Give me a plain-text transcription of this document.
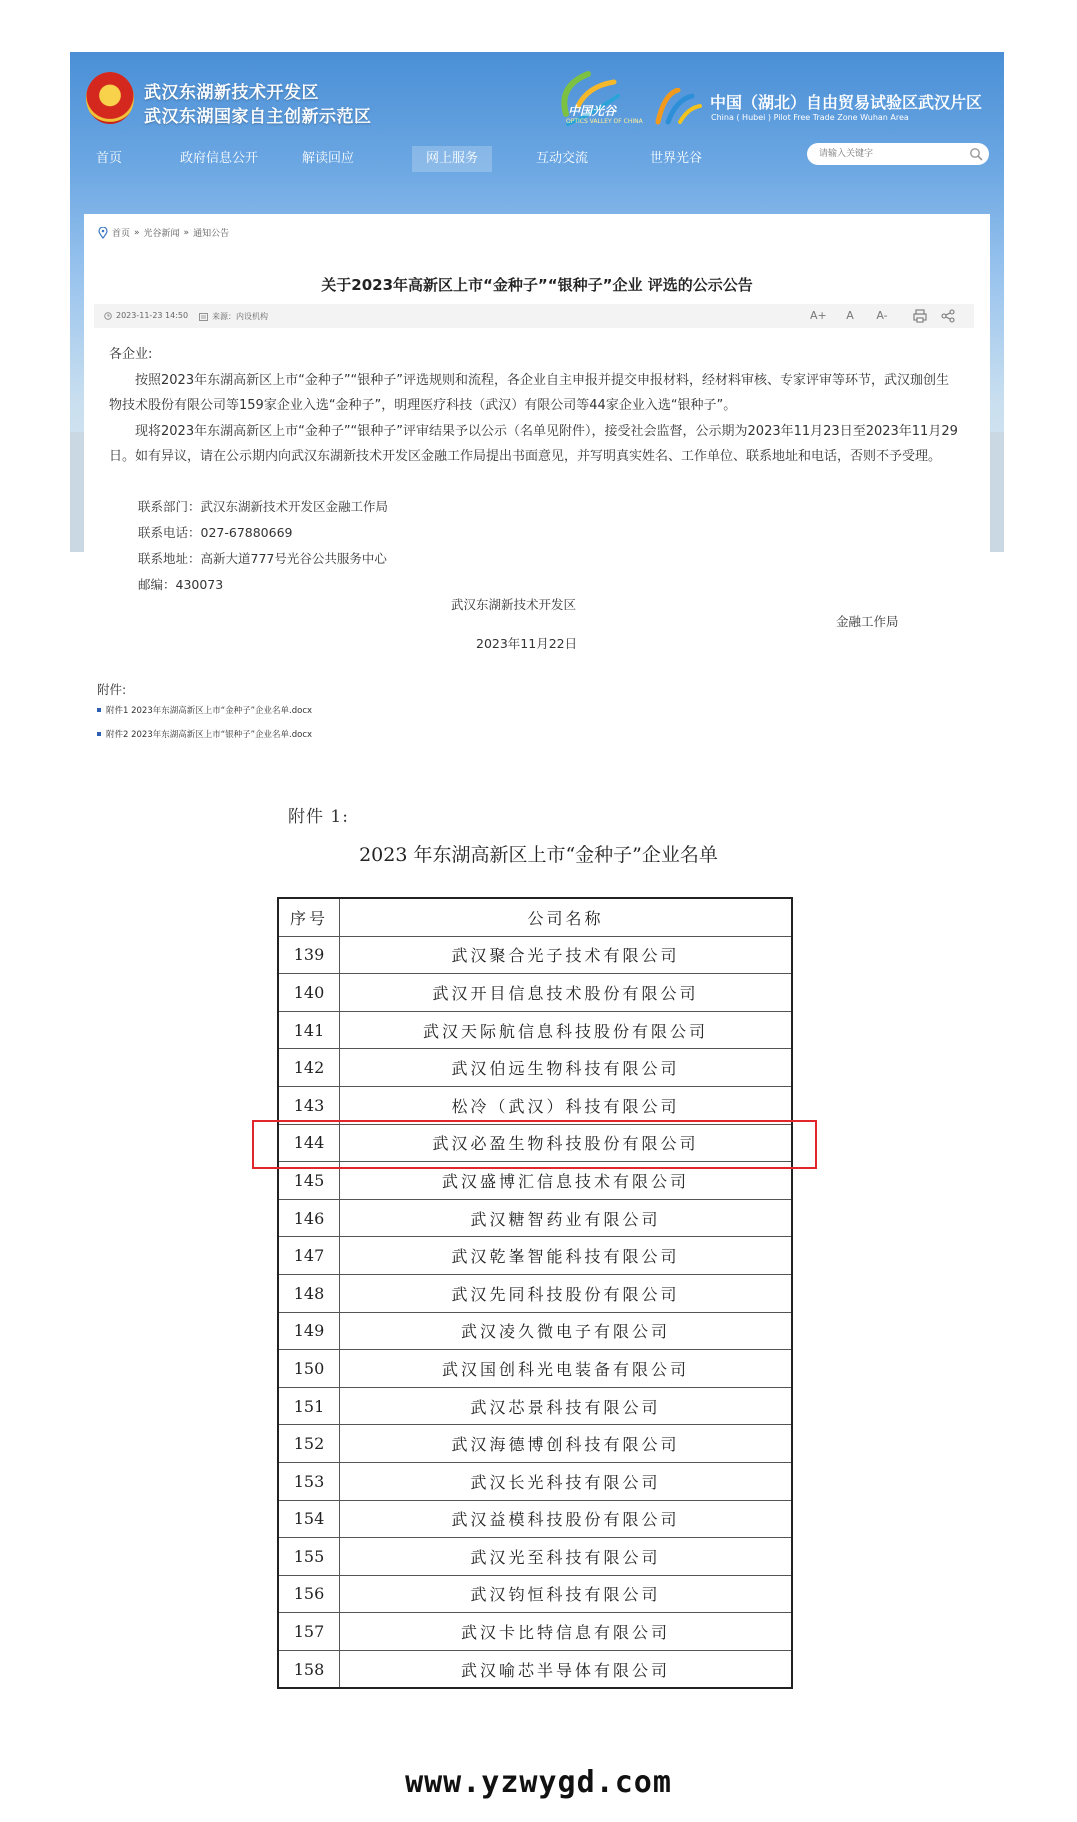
武汉东湖新技术开发区
武汉东湖国家自主创新示范区	中国光谷
OPTICS VALLEY OF CHINA
中国（湖北）自由贸易试验区武汉片区
China ( Hubei ) Pilot Free Trade Zone Wuhan Area
首页	政府信息公开	解读回应	网上服务	互动交流	世界光谷
请输入关键字
首页 » 光谷新闻 » 通知公告
关于2023年高新区上市“金种子”“银种子”企业 评选的公示公告
2023-11-23 14:50	来源：内设机构	A+	A	A-

各企业:

按照2023年东湖高新区上市“金种子”“银种子”评选规则和流程，各企业自主申报并提交申报材料，经材料审核、专家评审等环节，武汉珈创生物技术股份有限公司等159家企业入选“金种子”，明理医疗科技（武汉）有限公司等44家企业入选“银种子”。

现将2023年东湖高新区上市“金种子”“银种子”评审结果予以公示（名单见附件），接受社会监督，公示期为2023年11月23日至2023年11月29日。如有异议，请在公示期内向武汉东湖新技术开发区金融工作局提出书面意见，并写明真实姓名、工作单位、联系地址和电话，否则不予受理。

联系部门：武汉东湖新技术开发区金融工作局
联系电话：027-67880669
联系地址：高新大道777号光谷公共服务中心
邮编：430073
武汉东湖新技术开发区
金融工作局
2023年11月22日
附件:
附件1 2023年东湖高新区上市“金种子”企业名单.docx
附件2 2023年东湖高新区上市“银种子”企业名单.docx
附件 1:
2023 年东湖高新区上市“金种子”企业名单
序号	公司名称
139	武汉聚合光子技术有限公司
140	武汉开目信息技术股份有限公司
141	武汉天际航信息科技股份有限公司
142	武汉伯远生物科技有限公司
143	松冷（武汉）科技有限公司
144	武汉必盈生物科技股份有限公司
145	武汉盛博汇信息技术有限公司
146	武汉糖智药业有限公司
147	武汉乾峯智能科技有限公司
148	武汉先同科技股份有限公司
149	武汉凌久微电子有限公司
150	武汉国创科光电装备有限公司
151	武汉芯景科技有限公司
152	武汉海德博创科技有限公司
153	武汉长光科技有限公司
154	武汉益模科技股份有限公司
155	武汉光至科技有限公司
156	武汉钧恒科技有限公司
157	武汉卡比特信息有限公司
158	武汉喻芯半导体有限公司
www.yzwygd.com
